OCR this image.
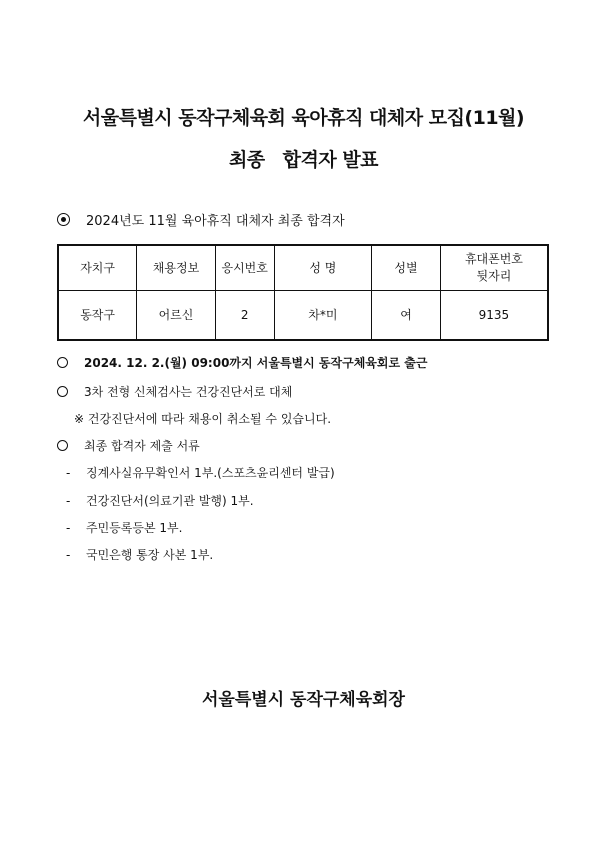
서울특별시 동작구체육회 육아휴직 대체자 모집(11월)
최종 합격자 발표
2024년도 11월 육아휴직 대체자 최종 합격자
자치구	채용정보	응시번호	성 명	성별	휴대폰번호
뒷자리

동작구	어르신	2	차*미	여	9135
2024. 12. 2.(월) 09:00까지 서울특별시 동작구체육회로 출근
3차 전형 신체검사는 건강진단서로 대체
※ 건강진단서에 따라 채용이 취소될 수 있습니다.
최종 합격자 제출 서류
-	징계사실유무확인서 1부.(스포츠윤리센터 발급)
-	건강진단서(의료기관 발행) 1부.
-	주민등록등본 1부.
-	국민은행 통장 사본 1부.
서울특별시 동작구체육회장
